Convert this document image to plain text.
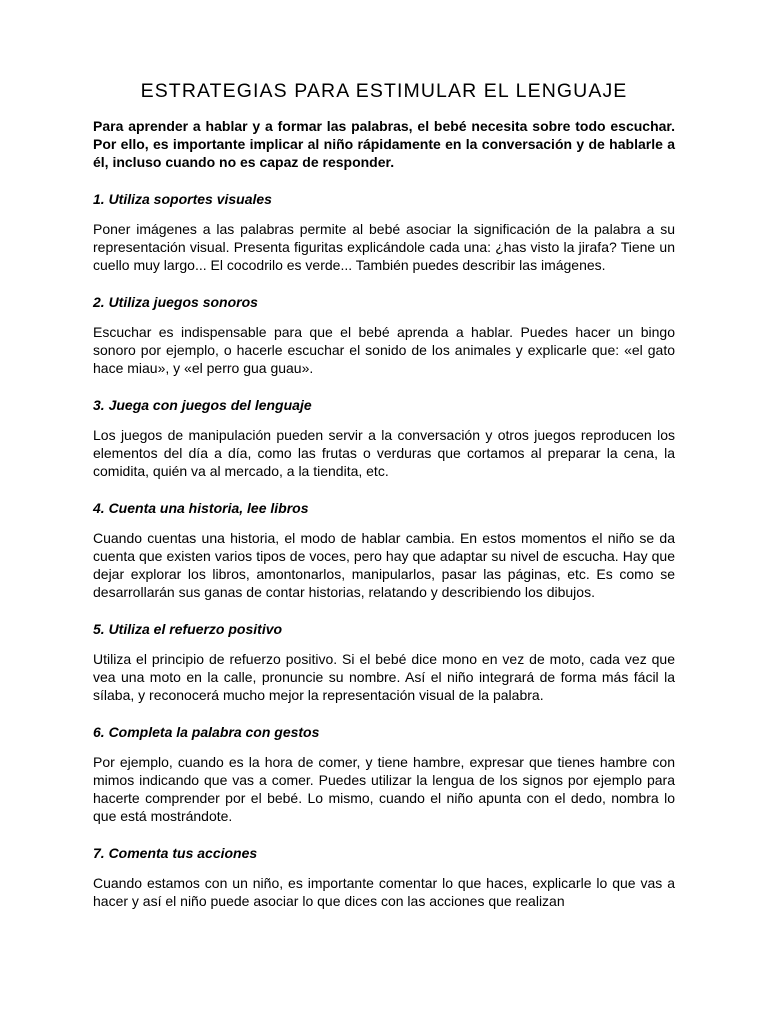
ESTRATEGIAS PARA ESTIMULAR EL LENGUAJE

Para aprender a hablar y a formar las palabras, el bebé necesita sobre todo escuchar. Por ello, es importante implicar al niño rápidamente en la conversación y de hablarle a él, incluso cuando no es capaz de responder.

1. Utiliza soportes visuales

Poner imágenes a las palabras permite al bebé asociar la significación de la palabra a su representación visual. Presenta figuritas explicándole cada una: ¿has visto la jirafa? Tiene un cuello muy largo... El cocodrilo es verde... También puedes describir las imágenes.

2. Utiliza juegos sonoros

Escuchar es indispensable para que el bebé aprenda a hablar. Puedes hacer un bingo sonoro por ejemplo, o hacerle escuchar el sonido de los animales y explicarle que: «el gato hace miau», y «el perro gua guau».

3. Juega con juegos del lenguaje

Los juegos de manipulación pueden servir a la conversación y otros juegos reproducen los elementos del día a día, como las frutas o verduras que cortamos al preparar la cena, la comidita, quién va al mercado, a la tiendita, etc.

4. Cuenta una historia, lee libros

Cuando cuentas una historia, el modo de hablar cambia. En estos momentos el niño se da cuenta que existen varios tipos de voces, pero hay que adaptar su nivel de escucha. Hay que dejar explorar los libros, amontonarlos, manipularlos, pasar las páginas, etc. Es como se desarrollarán sus ganas de contar historias, relatando y describiendo los dibujos.

5. Utiliza el refuerzo positivo

Utiliza el principio de refuerzo positivo. Si el bebé dice mono en vez de moto, cada vez que vea una moto en la calle, pronuncie su nombre. Así el niño integrará de forma más fácil la sílaba, y reconocerá mucho mejor la representación visual de la palabra.

6. Completa la palabra con gestos

Por ejemplo, cuando es la hora de comer, y tiene hambre, expresar que tienes hambre con mimos indicando que vas a comer. Puedes utilizar la lengua de los signos por ejemplo para hacerte comprender por el bebé. Lo mismo, cuando el niño apunta con el dedo, nombra lo que está mostrándote.

7. Comenta tus acciones

Cuando estamos con un niño, es importante comentar lo que haces, explicarle lo que vas a hacer y así el niño puede asociar lo que dices con las acciones que realizan
